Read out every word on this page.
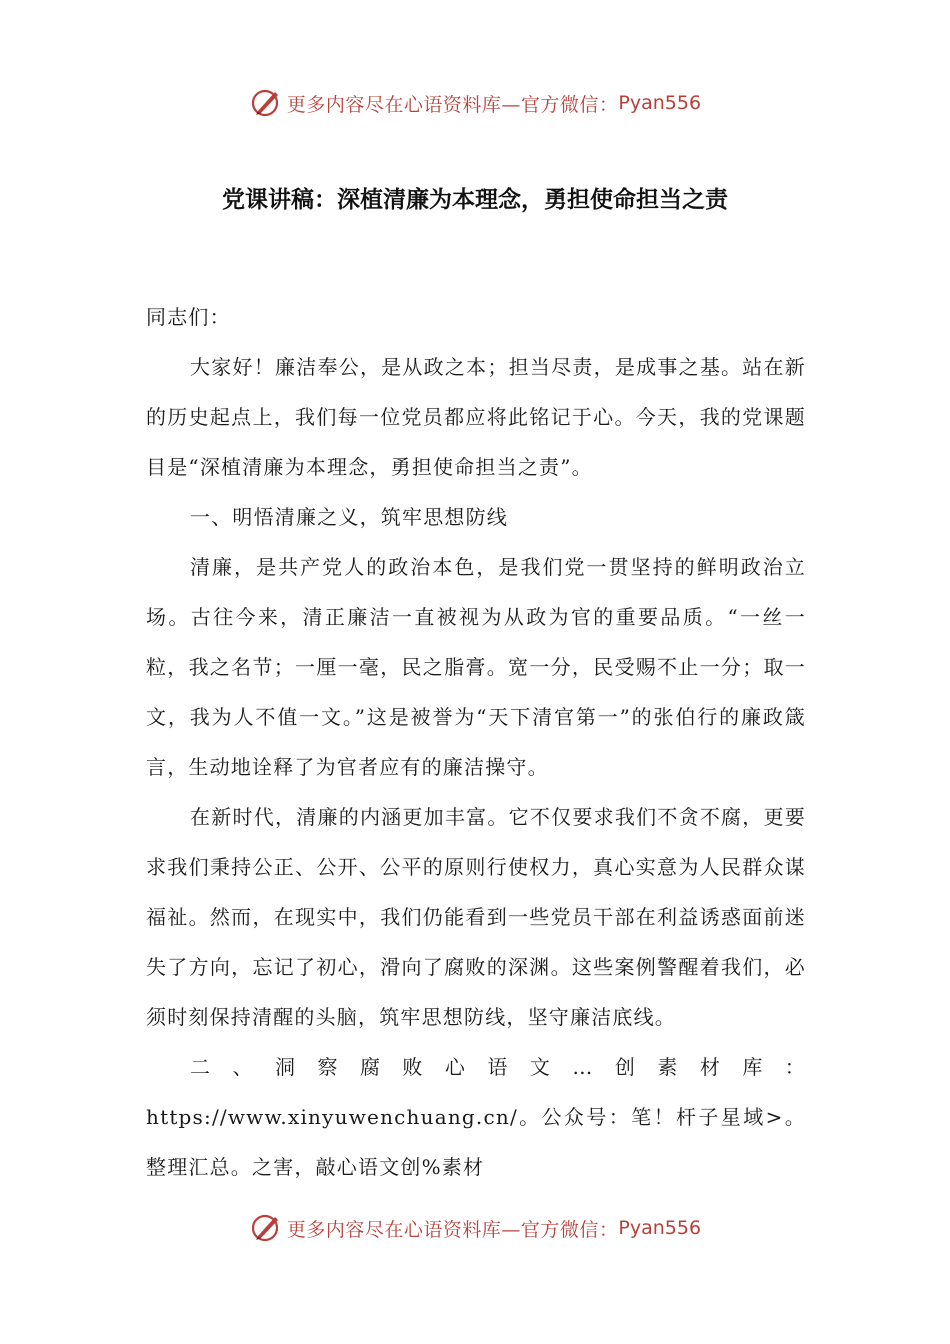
更多内容尽在心语资料库—官方微信： Pyan556
党课讲稿：深植清廉为本理念，勇担使命担当之责

同志们：

大家好！廉洁奉公，是从政之本；担当尽责，是成事之基。站在新的历史起点上，我们每一位党员都应将此铭记于心。今天，我的党课题目是“深植清廉为本理念，勇担使命担当之责”。

一、明悟清廉之义，筑牢思想防线

清廉，是共产党人的政治本色，是我们党一贯坚持的鲜明政治立场。古往今来，清正廉洁一直被视为从政为官的重要品质。“一丝一粒，我之名节；一厘一毫，民之脂膏。宽一分，民受赐不止一分；取一文，我为人不值一文。”这是被誉为“天下清官第一”的张伯行的廉政箴言，生动地诠释了为官者应有的廉洁操守。

在新时代，清廉的内涵更加丰富。它不仅要求我们不贪不腐，更要求我们秉持公正、公开、公平的原则行使权力，真心实意为人民群众谋福祉。然而，在现实中，我们仍能看到一些党员干部在利益诱惑面前迷失了方向，忘记了初心，滑向了腐败的深渊。这些案例警醒着我们，必须时刻保持清醒的头脑，筑牢思想防线，坚守廉洁底线。

二、洞察腐败心语文…创素材库：https://www.xinyuwenchuang.cn/。公众号：笔！杆子星域>。整理汇总。之害，敲心语文创%素材

更多内容尽在心语资料库—官方微信： Pyan556
